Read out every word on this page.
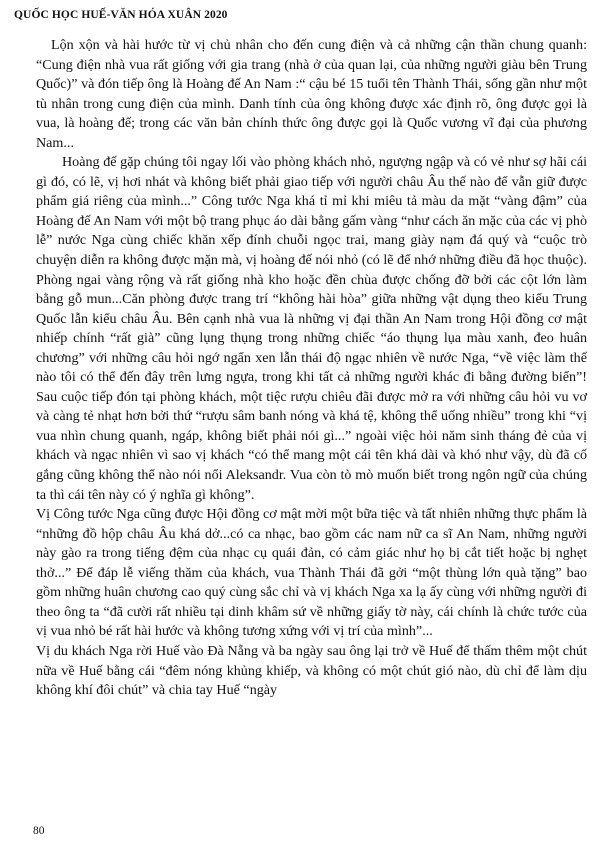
QUỐC HỌC HUẾ-VĂN HÓA XUÂN 2020

Lộn xộn và hài hước từ vị chủ nhân cho đến cung điện và cả những cận thần chung quanh: “Cung điện nhà vua rất giống với gia trang (nhà ở của quan lại, của những người giàu bên Trung Quốc)” và đón tiếp ông là Hoàng đế An Nam :“ cậu bé 15 tuổi tên Thành Thái, sống gần như một tù nhân trong cung điện của mình. Danh tính của ông không được xác định rõ, ông được gọi là vua, là hoàng đế; trong các văn bản chính thức ông được gọi là Quốc vương vĩ đại của phương Nam...

Hoàng đế gặp chúng tôi ngay lối vào phòng khách nhỏ, ngượng ngập và có vẻ như sợ hãi cái gì đó, có lẽ, vị hơi nhát và không biết phải giao tiếp với người châu Âu thế nào để vẫn giữ được phẩm giá riêng của mình...” Công tước Nga khá tỉ mỉ khi miêu tả màu da mặt “vàng đậm” của Hoàng đế An Nam với một bộ trang phục áo dài bằng gấm vàng “như cách ăn mặc của các vị phò lễ” nước Nga cùng chiếc khăn xếp đính chuỗi ngọc trai, mang giày nạm đá quý và “cuộc trò chuyện diễn ra không được mặn mà, vị hoàng đế nói nhỏ (có lẽ để nhớ những điều đã học thuộc). Phòng ngai vàng rộng và rất giống nhà kho hoặc đền chùa được chống đỡ bởi các cột lớn làm bằng gỗ mun...Căn phòng được trang trí “không hài hòa” giữa những vật dụng theo kiểu Trung Quốc lẫn kiểu châu Âu. Bên cạnh nhà vua là những vị đại thần An Nam trong Hội đồng cơ mật nhiếp chính “rất già” cũng lụng thụng trong những chiếc “áo thụng lụa màu xanh, đeo huân chương” với những câu hỏi ngớ ngẩn xen lẫn thái độ ngạc nhiên về nước Nga, “về việc làm thế nào tôi có thể đến đây trên lưng ngựa, trong khi tất cả những người khác đi bằng đường biển”! Sau cuộc tiếp đón tại phòng khách, một tiệc rượu chiêu đãi được mở ra với những câu hỏi vu vơ và càng tẻ nhạt hơn bởi thứ “rượu sâm banh nóng và khá tệ, không thể uống nhiều” trong khi “vị vua nhìn chung quanh, ngáp, không biết phải nói gì...” ngoài việc hỏi năm sinh tháng đẻ của vị khách và ngạc nhiên vì sao vị khách “có thể mang một cái tên khá dài và khó như vậy, dù đã cố gắng cũng không thể nào nói nổi Aleksandr. Vua còn tò mò muốn biết trong ngôn ngữ của chúng ta thì cái tên này có ý nghĩa gì không”.

Vị Công tước Nga cũng được Hội đồng cơ mật mời một bữa tiệc và tất nhiên những thực phẩm là “những đồ hộp châu Âu khá dở...có ca nhạc, bao gồm các nam nữ ca sĩ An Nam, những người này gào ra trong tiếng đệm của nhạc cụ quái đản, có cảm giác như họ bị cắt tiết hoặc bị nghẹt thở...” Để đáp lễ viếng thăm của khách, vua Thành Thái đã gởi “một thùng lớn quà tặng” bao gồm những huân chương cao quý cùng sắc chỉ và vị khách Nga xa lạ ấy cùng với những người đi theo ông ta “đã cười rất nhiều tại dinh khâm sứ về những giấy tờ này, cái chính là chức tước của vị vua nhỏ bé rất hài hước và không tương xứng với vị trí của mình”...

Vị du khách Nga rời Huế vào Đà Nẵng và ba ngày sau ông lại trở về Huế để thấm thêm một chút nữa về Huế bằng cái “đêm nóng khủng khiếp, và không có một chút gió nào, dù chỉ để làm dịu không khí đôi chút” và chia tay Huế “ngày

80
